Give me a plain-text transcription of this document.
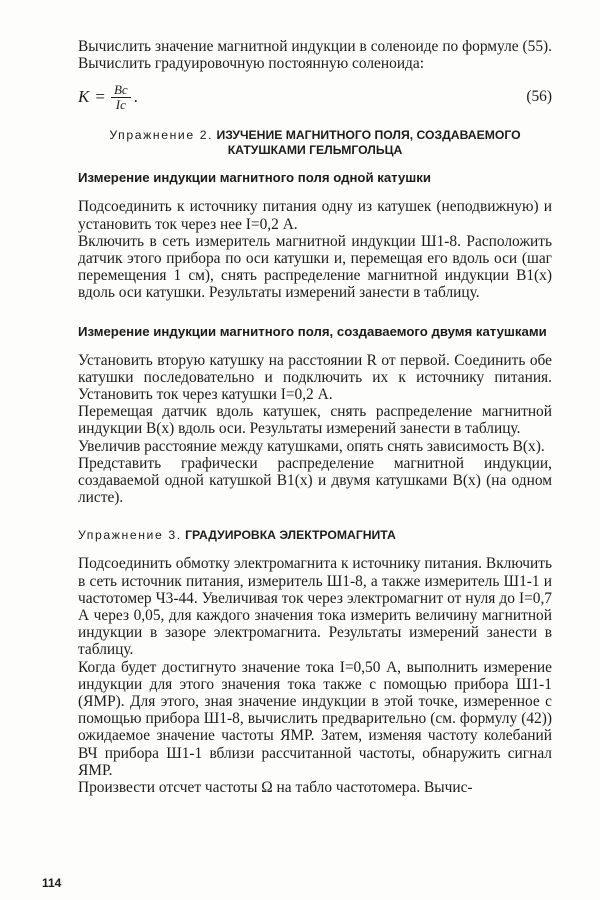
Вычислить значение магнитной индукции в соленоиде по формуле (55). Вычислить градуировочную постоянную соленоида:

$K = \frac{Bc}{Ic}$ .	(56)
Упражнение 2. ИЗУЧЕНИЕ МАГНИТНОГО ПОЛЯ, СОЗДАВАЕМОГО КАТУШКАМИ ГЕЛЬМГОЛЬЦА
Измерение индукции магнитного поля одной катушки

Подсоединить к источнику питания одну из катушек (неподвижную) и установить ток через нее I=0,2 А.

Включить в сеть измеритель магнитной индукции Ш1-8. Расположить датчик этого прибора по оси катушки и, перемещая его вдоль оси (шаг перемещения 1 см), снять распределение магнитной индукции B1(x) вдоль оси катушки. Результаты измерений занести в таблицу.

Измерение индукции магнитного поля, создаваемого двумя катушками

Установить вторую катушку на расстоянии R от первой. Соединить обе катушки последовательно и подключить их к источнику питания. Установить ток через катушки I=0,2 А.

Перемещая датчик вдоль катушек, снять распределение магнитной индукции B(x) вдоль оси. Результаты измерений занести в таблицу.

Увеличив расстояние между катушками, опять снять зависимость B(x).

Представить графически распределение магнитной индукции, создаваемой одной катушкой B1(x) и двумя катушками B(x) (на одном листе).

Упражнение 3. ГРАДУИРОВКА ЭЛЕКТРОМАГНИТА

Подсоединить обмотку электромагнита к источнику питания. Включить в сеть источник питания, измеритель Ш1-8, а также измеритель Ш1-1 и частотомер Ч3-44. Увеличивая ток через электромагнит от нуля до I=0,7 А через 0,05, для каждого значения тока измерить величину магнитной индукции в зазоре электромагнита. Результаты измерений занести в таблицу.

Когда будет достигнуто значение тока I=0,50 А, выполнить измерение индукции для этого значения тока также с помощью прибора Ш1-1 (ЯМР). Для этого, зная значение индукции в этой точке, измеренное с помощью прибора Ш1-8, вычислить предварительно (см. формулу (42)) ожидаемое значение частоты ЯМР. Затем, изменяя частоту колебаний ВЧ прибора Ш1-1 вблизи рассчитанной частоты, обнаружить сигнал ЯМР.

Произвести отсчет частоты Ω на табло частотомера. Вычис-

114
